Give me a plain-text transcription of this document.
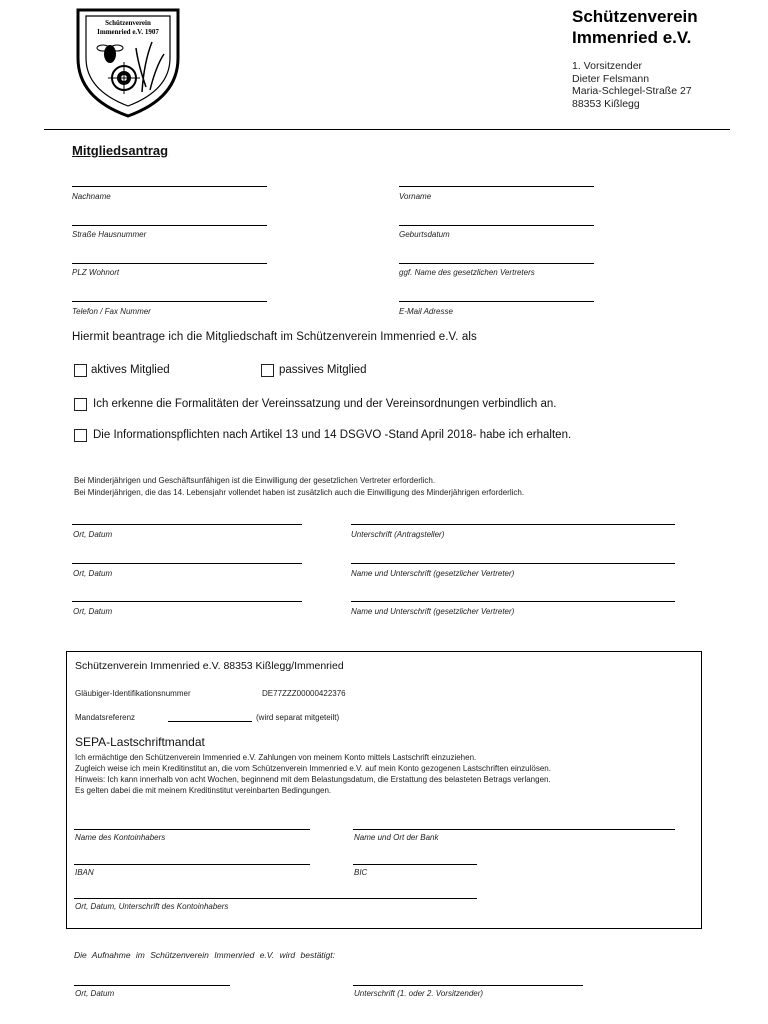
Schützenverein
Immenried e.V. 1907
Schützenverein
Immenried e.V.
1. Vorsitzender
Dieter Felsmann
Maria-Schlegel-Straße 27
88353 Kißlegg
Mitgliedsantrag
Nachname	Vorname
Straße Hausnummer	Geburtsdatum
PLZ Wohnort	ggf. Name des gesetzlichen Vertreters
Telefon / Fax Nummer	E-Mail Adresse
Hiermit beantrage ich die Mitgliedschaft im Schützenverein Immenried e.V. als
aktives Mitglied	passives Mitglied
Ich erkenne die Formalitäten der Vereinssatzung und der Vereinsordnungen verbindlich an.
Die Informationspflichten nach Artikel 13 und 14 DSGVO -Stand April 2018- habe ich erhalten.
Bei Minderjährigen und Geschäftsunfähigen ist die Einwilligung der gesetzlichen Vertreter erforderlich.
Bei Minderjährigen, die das 14. Lebensjahr vollendet haben ist zusätzlich auch die Einwilligung des Minderjährigen erforderlich.
Ort, Datum	Unterschrift (Antragsteller)
Ort, Datum	Name und Unterschrift (gesetzlicher Vertreter)
Ort, Datum	Name und Unterschrift (gesetzlicher Vertreter)
Schützenverein Immenried e.V. 88353 Kißlegg/Immenried
Gläubiger-Identifikationsnummer	DE77ZZZ00000422376
Mandatsreferenz	(wird separat mitgeteilt)
SEPA-Lastschriftmandat
Ich ermächtige den Schützenverein Immenried e.V. Zahlungen von meinem Konto mittels Lastschrift einzuziehen.
Zugleich weise ich mein Kreditinstitut an, die vom Schützenverein Immenried e.V. auf mein Konto gezogenen Lastschriften einzulösen.
Hinweis: Ich kann innerhalb von acht Wochen, beginnend mit dem Belastungsdatum, die Erstattung des belasteten Betrags verlangen.
Es gelten dabei die mit meinem Kreditinstitut vereinbarten Bedingungen.
Name des Kontoinhabers	Name und Ort der Bank
IBAN	BIC
Ort, Datum, Unterschrift des Kontoinhabers
Die Aufnahme im Schützenverein Immenried e.V. wird bestätigt:
Ort, Datum	Unterschrift (1. oder 2. Vorsitzender)
